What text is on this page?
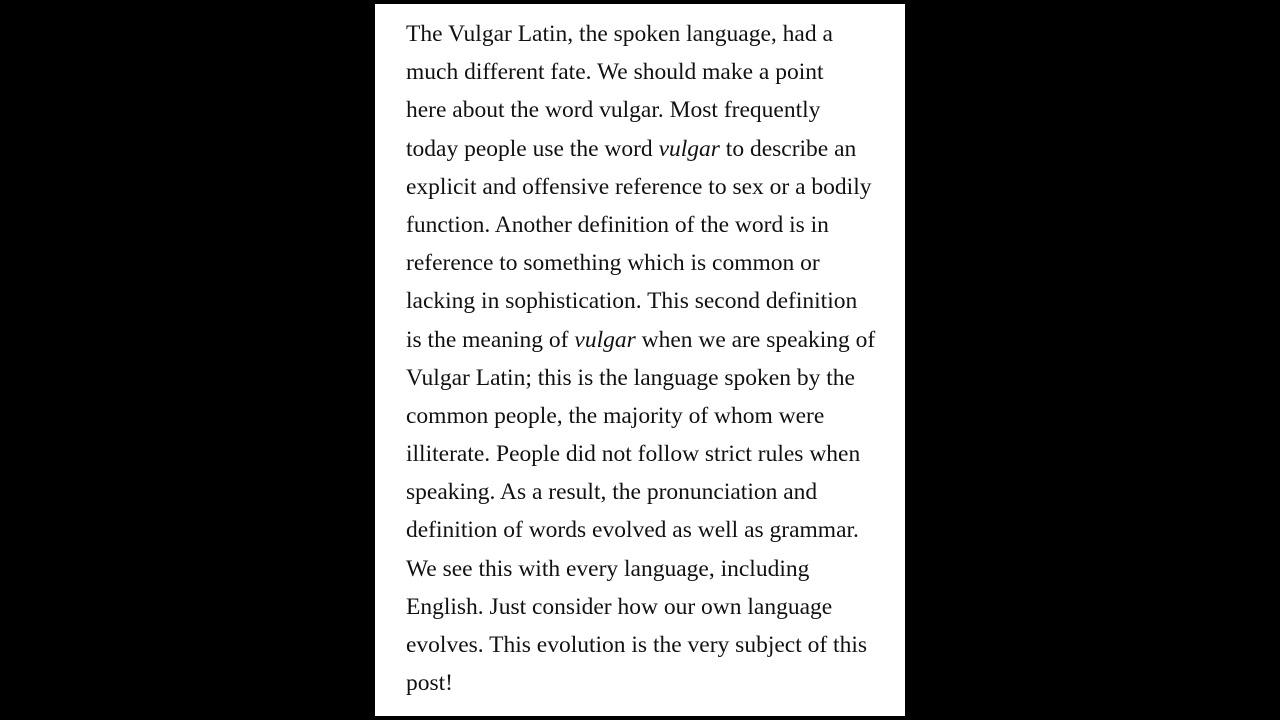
The Vulgar Latin, the spoken language, had a
much different fate. We should make a point
here about the word vulgar. Most frequently
today people use the word vulgar to describe an
explicit and offensive reference to sex or a bodily
function. Another definition of the word is in
reference to something which is common or
lacking in sophistication. This second definition
is the meaning of vulgar when we are speaking of
Vulgar Latin; this is the language spoken by the
common people, the majority of whom were
illiterate. People did not follow strict rules when
speaking. As a result, the pronunciation and
definition of words evolved as well as grammar.
We see this with every language, including
English. Just consider how our own language
evolves. This evolution is the very subject of this
post!
